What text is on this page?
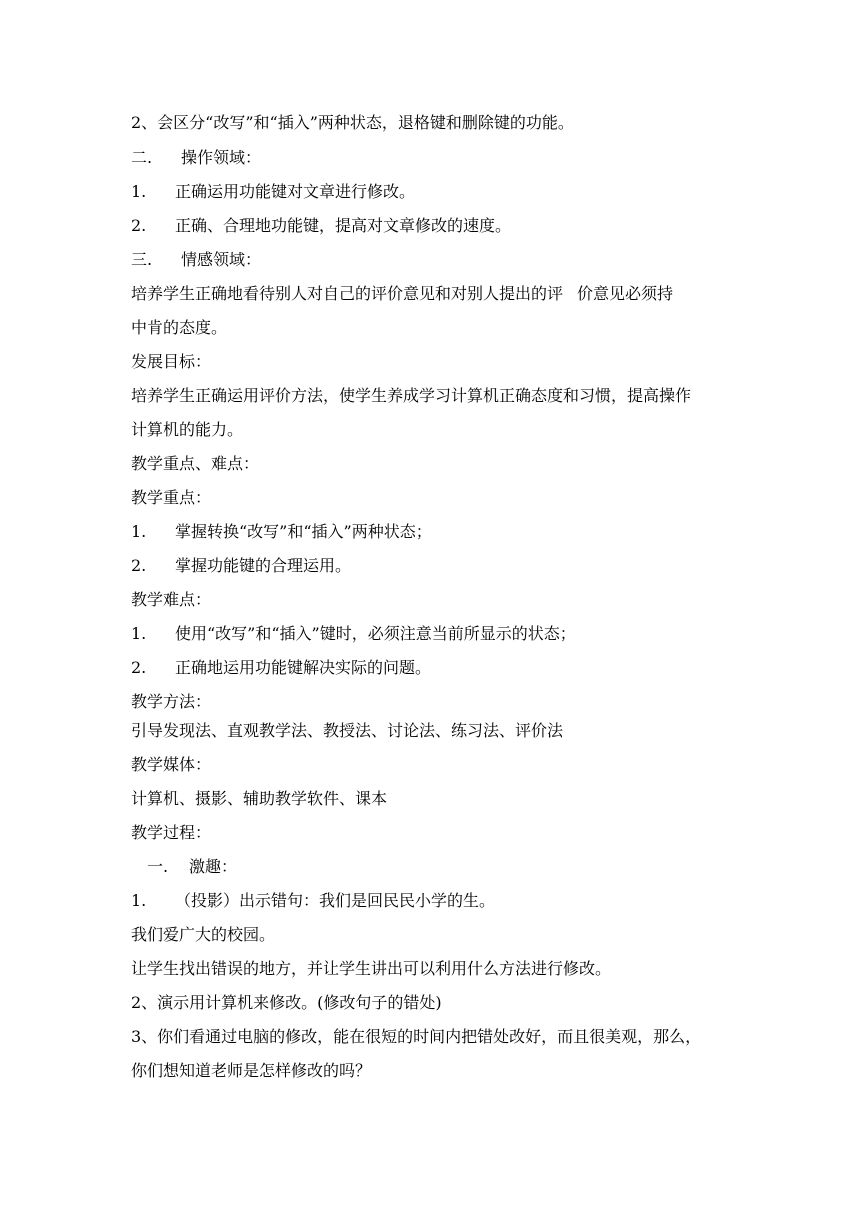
2、会区分“改写”和“插入”两种状态，退格键和删除键的功能。
二. 操作领域：
1. 正确运用功能键对文章进行修改。
2. 正确、合理地功能键，提高对文章修改的速度。
三. 情感领域：
培养学生正确地看待别人对自己的评价意见和对别人提出的评 价意见必须持
中肯的态度。
发展目标：
培养学生正确运用评价方法，使学生养成学习计算机正确态度和习惯，提高操作
计算机的能力。
教学重点、难点：
教学重点：
1. 掌握转换“改写”和“插入”两种状态；
2. 掌握功能键的合理运用。
教学难点：
1. 使用“改写”和“插入”键时，必须注意当前所显示的状态；
2. 正确地运用功能键解决实际的问题。
教学方法：
引导发现法、直观教学法、教授法、讨论法、练习法、评价法
教学媒体：
计算机、摄影、辅助教学软件、课本
教学过程：
一. 激趣：
1. （投影）出示错句：我们是回民民小学的生。
我们爱广大的校园。
让学生找出错误的地方，并让学生讲出可以利用什么方法进行修改。
2、演示用计算机来修改。(修改句子的错处)
3、你们看通过电脑的修改，能在很短的时间内把错处改好，而且很美观，那么，
你们想知道老师是怎样修改的吗？
